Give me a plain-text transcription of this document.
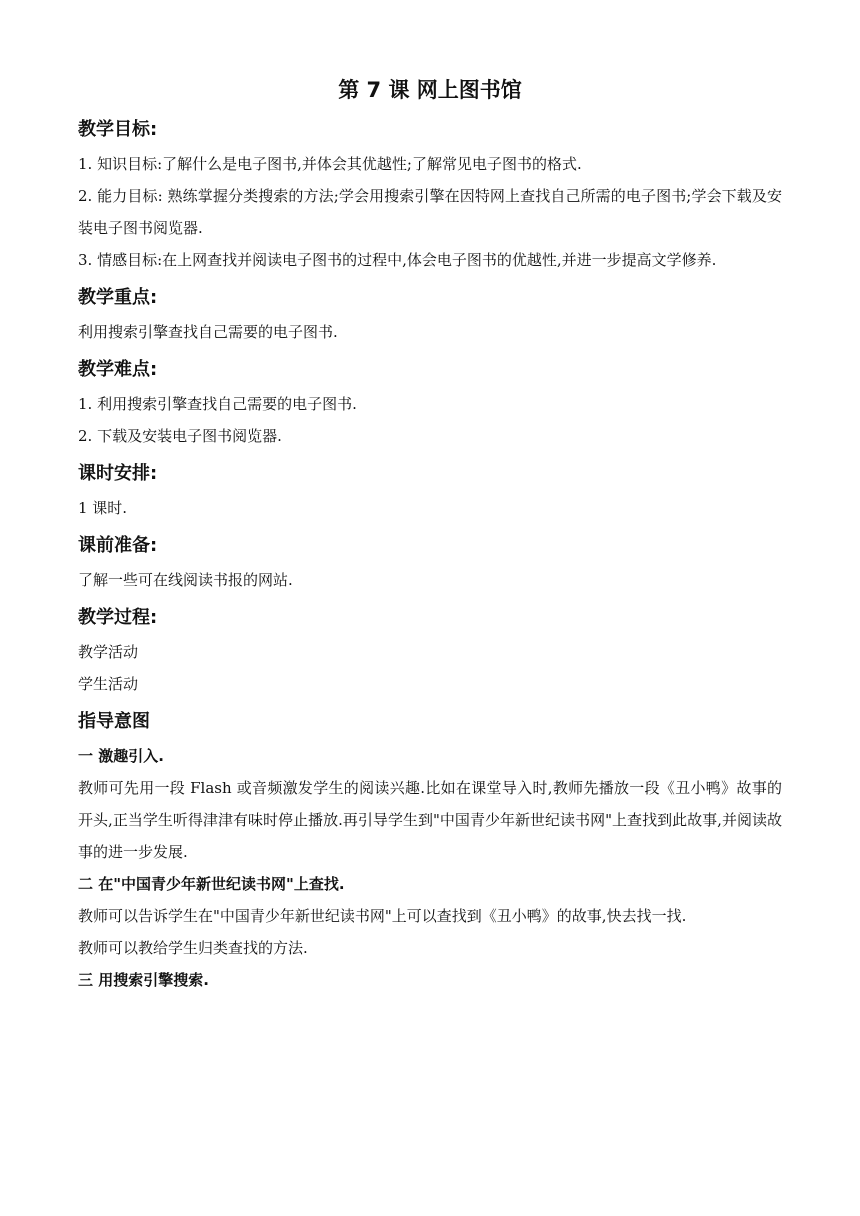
第 7 课 网上图书馆
教学目标:

1. 知识目标:了解什么是电子图书,并体会其优越性;了解常见电子图书的格式.

2. 能力目标: 熟练掌握分类搜索的方法;学会用搜索引擎在因特网上查找自己所需的电子图书;学会下载及安装电子图书阅览器.

3. 情感目标:在上网查找并阅读电子图书的过程中,体会电子图书的优越性,并进一步提高文学修养.

教学重点:

利用搜索引擎查找自己需要的电子图书.

教学难点:

1. 利用搜索引擎查找自己需要的电子图书.

2. 下载及安装电子图书阅览器.

课时安排:

1 课时.

课前准备:

了解一些可在线阅读书报的网站.

教学过程:

教学活动

学生活动

指导意图

一 激趣引入.

教师可先用一段 Flash 或音频激发学生的阅读兴趣.比如在课堂导入时,教师先播放一段《丑小鸭》故事的开头,正当学生听得津津有味时停止播放.再引导学生到"中国青少年新世纪读书网"上查找到此故事,并阅读故事的进一步发展.

二 在"中国青少年新世纪读书网"上查找.

教师可以告诉学生在"中国青少年新世纪读书网"上可以查找到《丑小鸭》的故事,快去找一找.

教师可以教给学生归类查找的方法.

三 用搜索引擎搜索.
